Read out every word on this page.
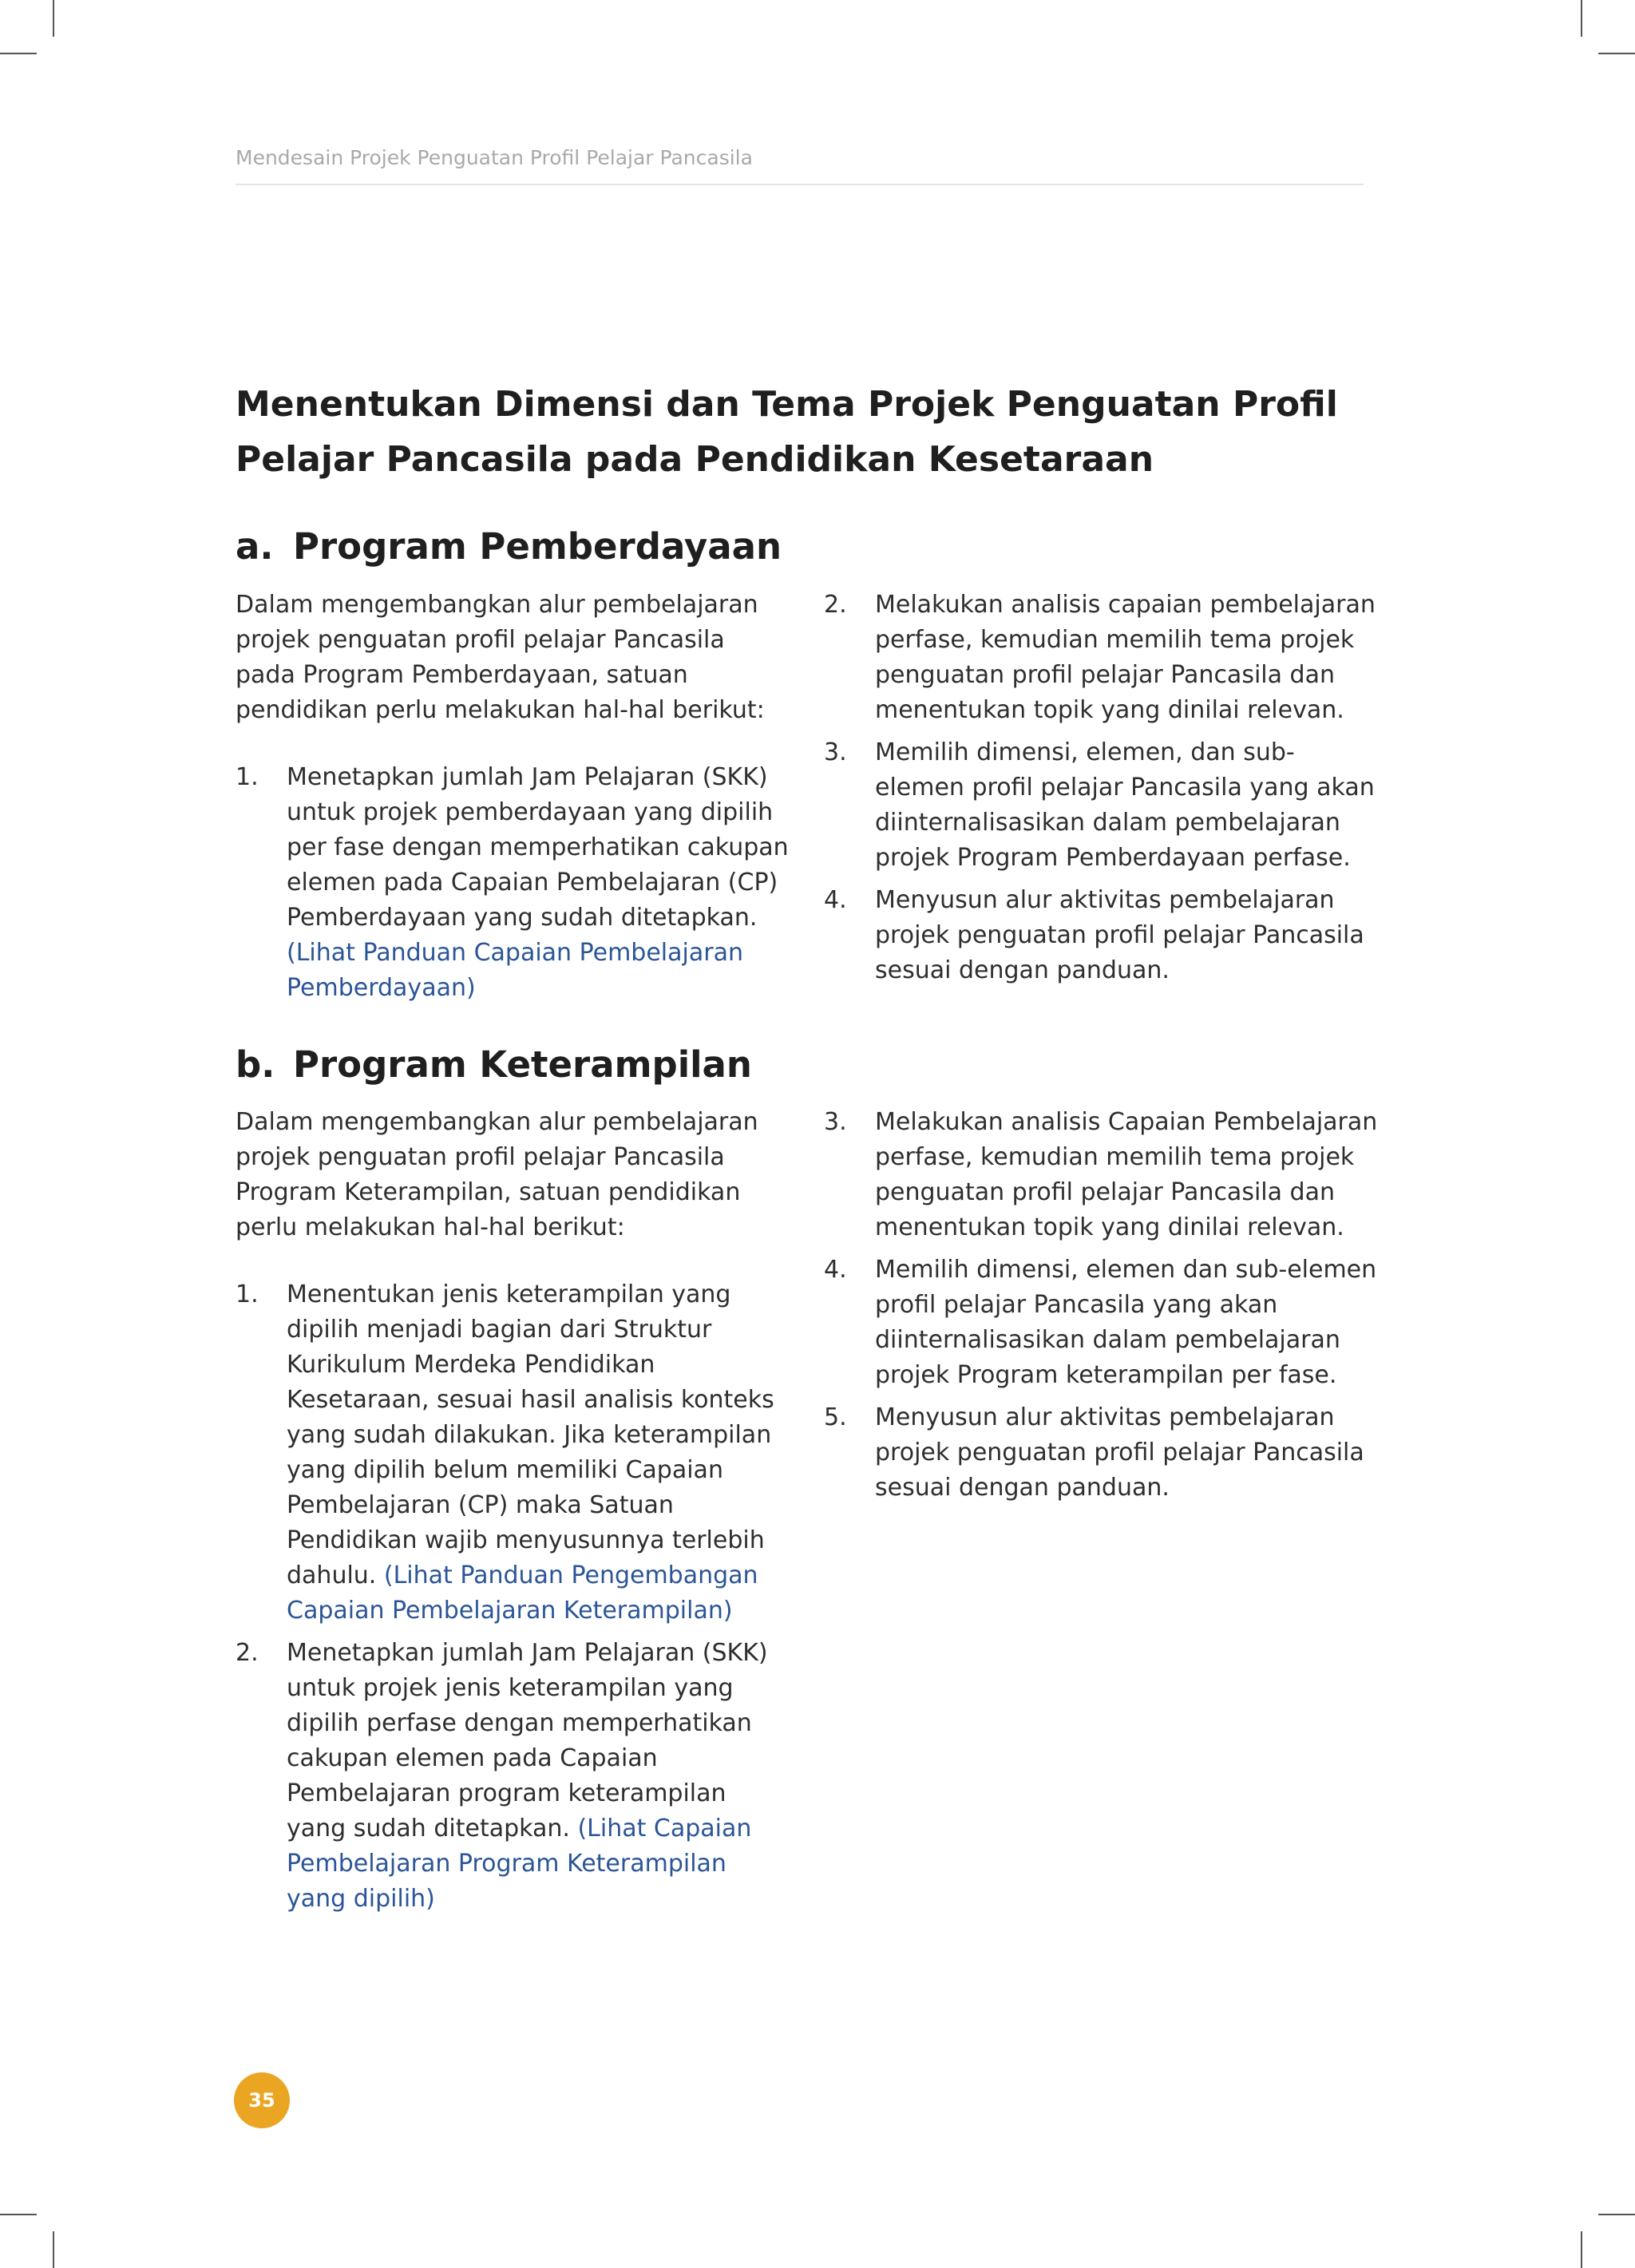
Mendesain Projek Penguatan Profil Pelajar Pancasila
Menentukan Dimensi dan Tema Projek Penguatan Profil Pelajar Pancasila pada Pendidikan Kesetaraan
a. Program Pemberdayaan

Dalam mengembangkan alur pembelajaran projek penguatan profil pelajar Pancasila pada Program Pemberdayaan, satuan pendidikan perlu melakukan hal-hal berikut:

1. Menetapkan jumlah Jam Pelajaran (SKK) untuk projek pemberdayaan yang dipilih per fase dengan memperhatikan cakupan elemen pada Capaian Pembelajaran (CP) Pemberdayaan yang sudah ditetapkan. (Lihat Panduan Capaian Pembelajaran Pemberdayaan)
2. Melakukan analisis capaian pembelajaran perfase, kemudian memilih tema projek penguatan profil pelajar Pancasila dan menentukan topik yang dinilai relevan.
3. Memilih dimensi, elemen, dan sub-elemen profil pelajar Pancasila yang akan diinternalisasikan dalam pembelajaran projek Program Pemberdayaan perfase.
4. Menyusun alur aktivitas pembelajaran projek penguatan profil pelajar Pancasila sesuai dengan panduan.
b. Program Keterampilan

Dalam mengembangkan alur pembelajaran projek penguatan profil pelajar Pancasila Program Keterampilan, satuan pendidikan perlu melakukan hal-hal berikut:

1. Menentukan jenis keterampilan yang dipilih menjadi bagian dari Struktur Kurikulum Merdeka Pendidikan Kesetaraan, sesuai hasil analisis konteks yang sudah dilakukan. Jika keterampilan yang dipilih belum memiliki Capaian Pembelajaran (CP) maka Satuan Pendidikan wajib menyusunnya terlebih dahulu. (Lihat Panduan Pengembangan Capaian Pembelajaran Keterampilan)
2. Menetapkan jumlah Jam Pelajaran (SKK) untuk projek jenis keterampilan yang dipilih perfase dengan memperhatikan cakupan elemen pada Capaian Pembelajaran program keterampilan yang sudah ditetapkan. (Lihat Capaian Pembelajaran Program Keterampilan yang dipilih)
3. Melakukan analisis Capaian Pembelajaran perfase, kemudian memilih tema projek penguatan profil pelajar Pancasila dan menentukan topik yang dinilai relevan.
4. Memilih dimensi, elemen dan sub-elemen profil pelajar Pancasila yang akan diinternalisasikan dalam pembelajaran projek Program keterampilan per fase.
5. Menyusun alur aktivitas pembelajaran projek penguatan profil pelajar Pancasila sesuai dengan panduan.
35
